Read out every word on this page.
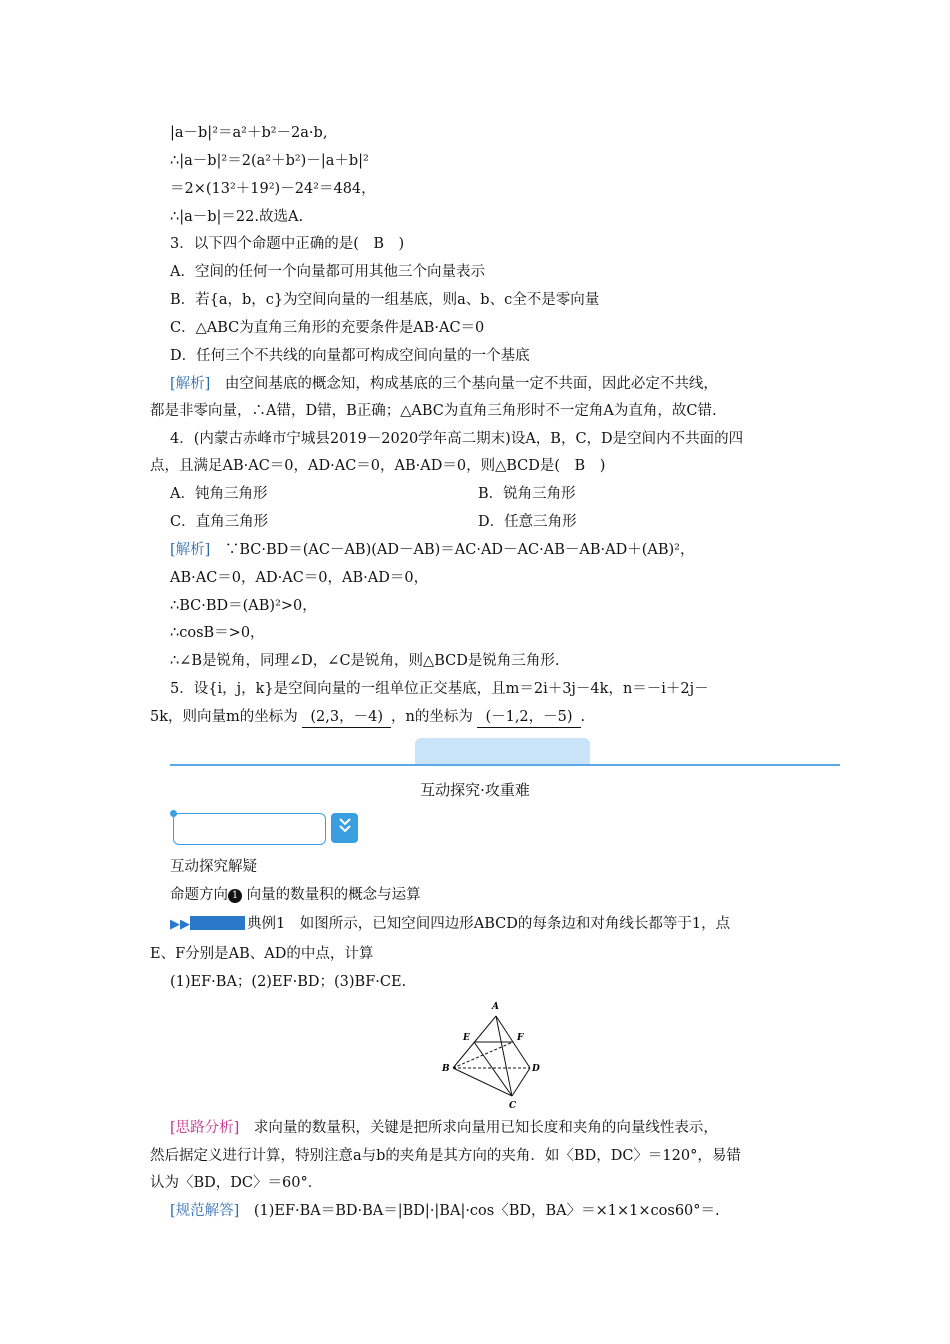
|a－b|²＝a²＋b²－2a·b,
∴|a－b|²＝2(a²＋b²)－|a＋b|²
＝2×(13²＋19²)－24²＝484，
∴|a－b|＝22.故选A.
3．以下四个命题中正确的是(　B　)
A．空间的任何一个向量都可用其他三个向量表示
B．若{a，b，c}为空间向量的一组基底，则a、b、c全不是零向量
C．△ABC为直角三角形的充要条件是AB·AC＝0
D．任何三个不共线的向量都可构成空间向量的一个基底
[解析]　由空间基底的概念知，构成基底的三个基向量一定不共面，因此必定不共线，
都是非零向量，∴A错，D错，B正确；△ABC为直角三角形时不一定角A为直角，故C错.
4．(内蒙古赤峰市宁城县2019－2020学年高二期末)设A，B，C，D是空间内不共面的四
点，且满足AB·AC＝0，AD·AC＝0，AB·AD＝0，则△BCD是(　B　)
A．钝角三角形	B．锐角三角形
C．直角三角形	D．任意三角形
[解析]　∵BC·BD＝(AC－AB)(AD－AB)＝AC·AD－AC·AB－AB·AD＋(AB)²，
AB·AC＝0，AD·AC＝0，AB·AD＝0，
∴BC·BD＝(AB)²>0，
∴cosB＝>0，
∴∠B是锐角，同理∠D，∠C是锐角，则△BCD是锐角三角形.
5．设{i，j，k}是空间向量的一组单位正交基底，且m＝2i＋3j－4k，n＝－i＋2j－
5k，则向量m的坐标为 (2,3，－4) ，n的坐标为 (－1,2，－5) .
互动探究·攻重难
互动探究解疑
命题方向 1 向量的数量积的概念与运算
▶▶	典例1　如图所示，已知空间四边形ABCD的每条边和对角线长都等于1，点
E、F分别是AB、AD的中点，计算
(1)EF·BA；(2)EF·BD；(3)BF·CE.
A
E	F
B	D
C
[思路分析]　求向量的数量积，关键是把所求向量用已知长度和夹角的向量线性表示，
然后据定义进行计算，特别注意a与b的夹角是其方向的夹角．如〈BD，DC〉＝120°，易错
认为〈BD，DC〉＝60°．
[规范解答]　(1)EF·BA＝BD·BA＝|BD|·|BA|·cos〈BD，BA〉＝×1×1×cos60°＝.
